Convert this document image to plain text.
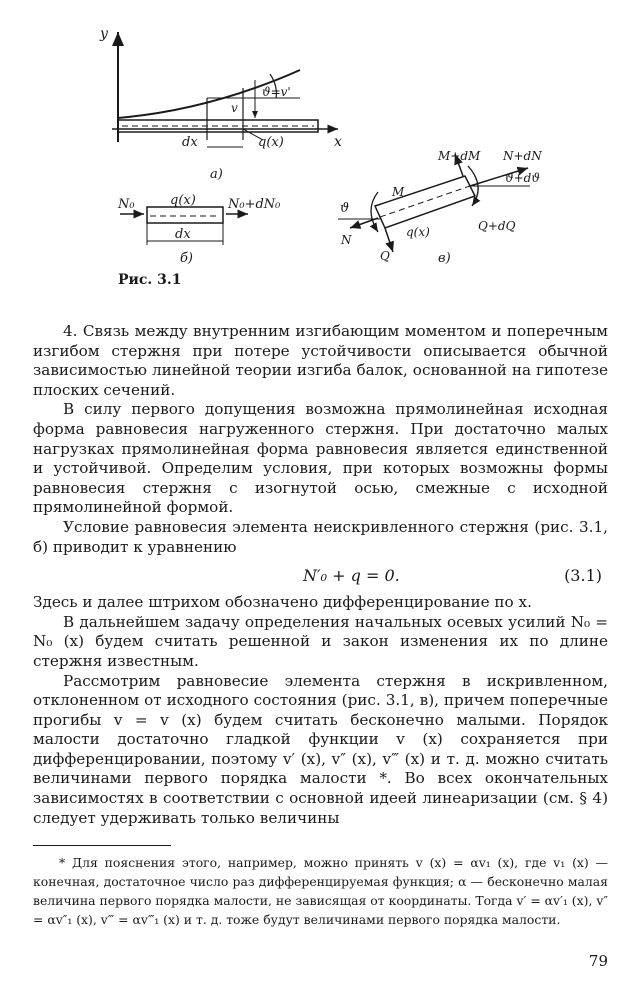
y
x
ϑ=v'
v
dx	q(x)
а)
N₀	N₀+dN₀
q(x)
dx
б)
M+dM N+dN
ϑ+dϑ
ϑ
M
N
Q
q(x)	Q+dQ
в)
Рис. 3.1

4. Связь между внутренним изгибающим моментом и поперечным изгибом стержня при потере устойчивости описывается обычной зависимостью линейной теории изгиба балок, основанной на гипотезе плоских сечений.

В силу первого допущения возможна прямолинейная исходная форма равновесия нагруженного стержня. При достаточно малых нагрузках прямолинейная форма равновесия является единственной и устойчивой. Определим условия, при которых возможны формы равновесия стержня с изогнутой осью, смежные с исходной прямолинейной формой.

Условие равновесия элемента неискривленного стержня (рис. 3.1, б) приводит к уравнению

N′₀ + q = 0.	(3.1)

Здесь и далее штрихом обозначено дифференцирование по x.

В дальнейшем задачу определения начальных осевых усилий N₀ = N₀ (x) будем считать решенной и закон изменения их по длине стержня известным.

Рассмотрим равновесие элемента стержня в искривленном, отклоненном от исходного состояния (рис. 3.1, в), причем поперечные прогибы v = v (x) будем считать бесконечно малыми. Порядок малости достаточно гладкой функции v (x) сохраняется при дифференцировании, поэтому v′ (x), v″ (x), v‴ (x) и т. д. можно считать величинами первого порядка малости *. Во всех окончательных зависимостях в соответствии с основной идеей линеаризации (см. § 4) следует удерживать только величины

* Для пояснения этого, например, можно принять v (x) = αv₁ (x), где v₁ (x) — конечная, достаточное число раз дифференцируемая функция; α — бесконечно малая величина первого порядка малости, не зависящая от координаты. Тогда v′ = αv′₁ (x), v″ = αv″₁ (x), v‴ = αv‴₁ (x) и т. д. тоже будут величинами первого порядка малости.
79
